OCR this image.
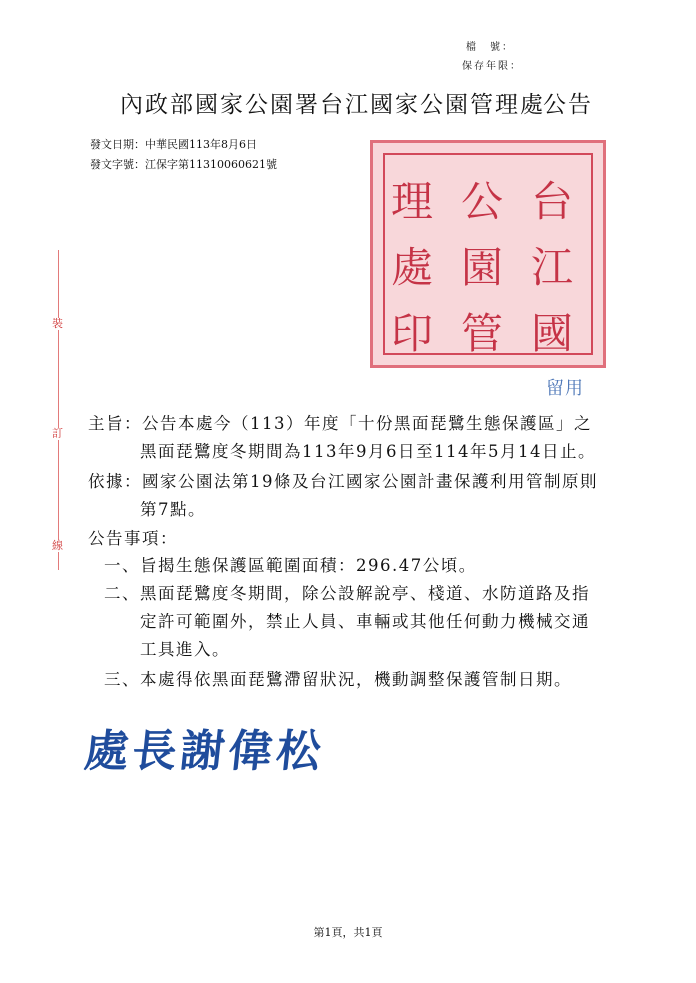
檔　號：
保存年限：
內政部國家公園署台江國家公園管理處
公告
發文日期：中華民國113年8月6日
發文字號：江保字第11310060621號
裝
訂
線
台
江
國
公
園
管
理
處
印
留用
主旨：公告本處今（113）年度「十份黑面琵鷺生態保護區」之
黑面琵鷺度冬期間為113年9月6日至114年5月14日止。
依據：國家公園法第19條及台江國家公園計畫保護利用管制原則
第7點。
公告事項：
一、旨揭生態保護區範圍面積：296.47公頃。
二、黑面琵鷺度冬期間，除公設解說亭、棧道、水防道路及指
定許可範圍外，禁止人員、車輛或其他任何動力機械交通
工具進入。
三、本處得依黑面琵鷺滯留狀況，機動調整保護管制日期。
處長謝偉松
第1頁，共1頁
